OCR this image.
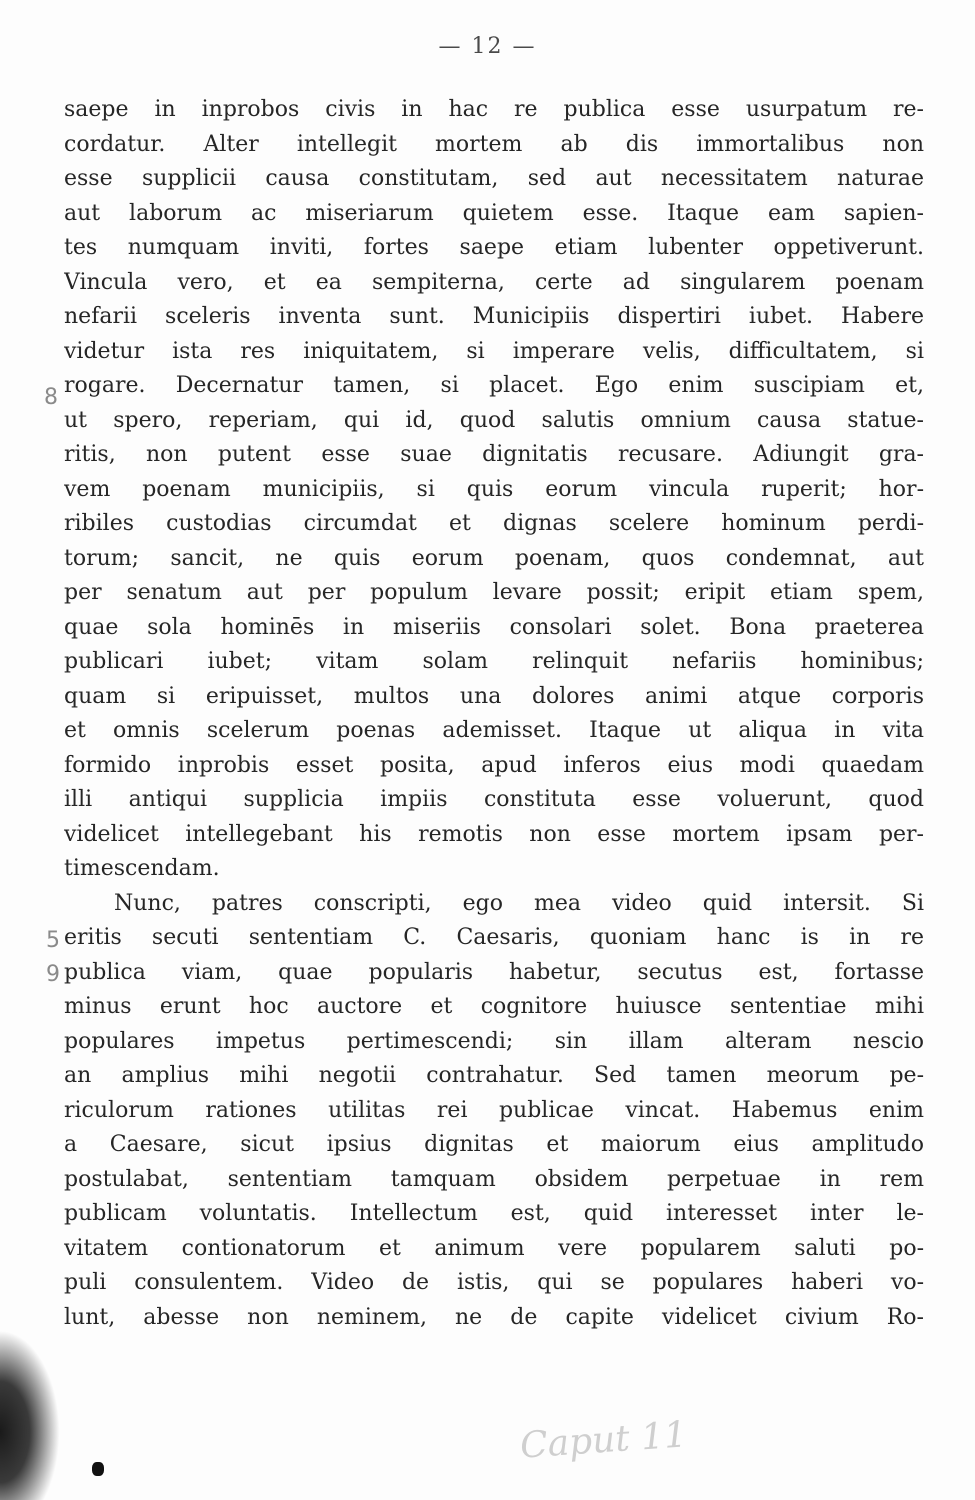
— 12 —
8
5
9
saepe in inprobos civis in hac re publica esse usurpatum re-
cordatur. Alter intellegit mortem ab dis immortalibus non
esse supplicii causa constitutam, sed aut necessitatem naturae
aut laborum ac miseriarum quietem esse. Itaque eam sapien-
tes numquam inviti, fortes saepe etiam lubenter oppetiverunt.
Vincula vero, et ea sempiterna, certe ad singularem poenam
nefarii sceleris inventa sunt. Municipiis dispertiri iubet. Habere
videtur ista res iniquitatem, si imperare velis, difficultatem, si
rogare. Decernatur tamen, si placet. Ego enim suscipiam et,
ut spero, reperiam, qui id, quod salutis omnium causa statue-
ritis, non putent esse suae dignitatis recusare. Adiungit gra-
vem poenam municipiis, si quis eorum vincula ruperit; hor-
ribiles custodias circumdat et dignas scelere hominum perdi-
torum; sancit, ne quis eorum poenam, quos condemnat, aut
per senatum aut per populum levare possit; eripit etiam spem,
quae sola hominēs in miseriis consolari solet. Bona praeterea
publicari iubet; vitam solam relinquit nefariis hominibus;
quam si eripuisset, multos una dolores animi atque corporis
et omnis scelerum poenas ademisset. Itaque ut aliqua in vita
formido inprobis esset posita, apud inferos eius modi quaedam
illi antiqui supplicia impiis constituta esse voluerunt, quod
videlicet intellegebant his remotis non esse mortem ipsam per-
timescendam.
Nunc, patres conscripti, ego mea video quid intersit. Si
eritis secuti sententiam C. Caesaris, quoniam hanc is in re
publica viam, quae popularis habetur, secutus est, fortasse
minus erunt hoc auctore et cognitore huiusce sententiae mihi
populares impetus pertimescendi; sin illam alteram nescio
an amplius mihi negotii contrahatur. Sed tamen meorum pe-
riculorum rationes utilitas rei publicae vincat. Habemus enim
a Caesare, sicut ipsius dignitas et maiorum eius amplitudo
postulabat, sententiam tamquam obsidem perpetuae in rem
publicam voluntatis. Intellectum est, quid interesset inter le-
vitatem contionatorum et animum vere popularem saluti po-
puli consulentem. Video de istis, qui se populares haberi vo-
lunt, abesse non neminem, ne de capite videlicet civium Ro-
Caput 11
